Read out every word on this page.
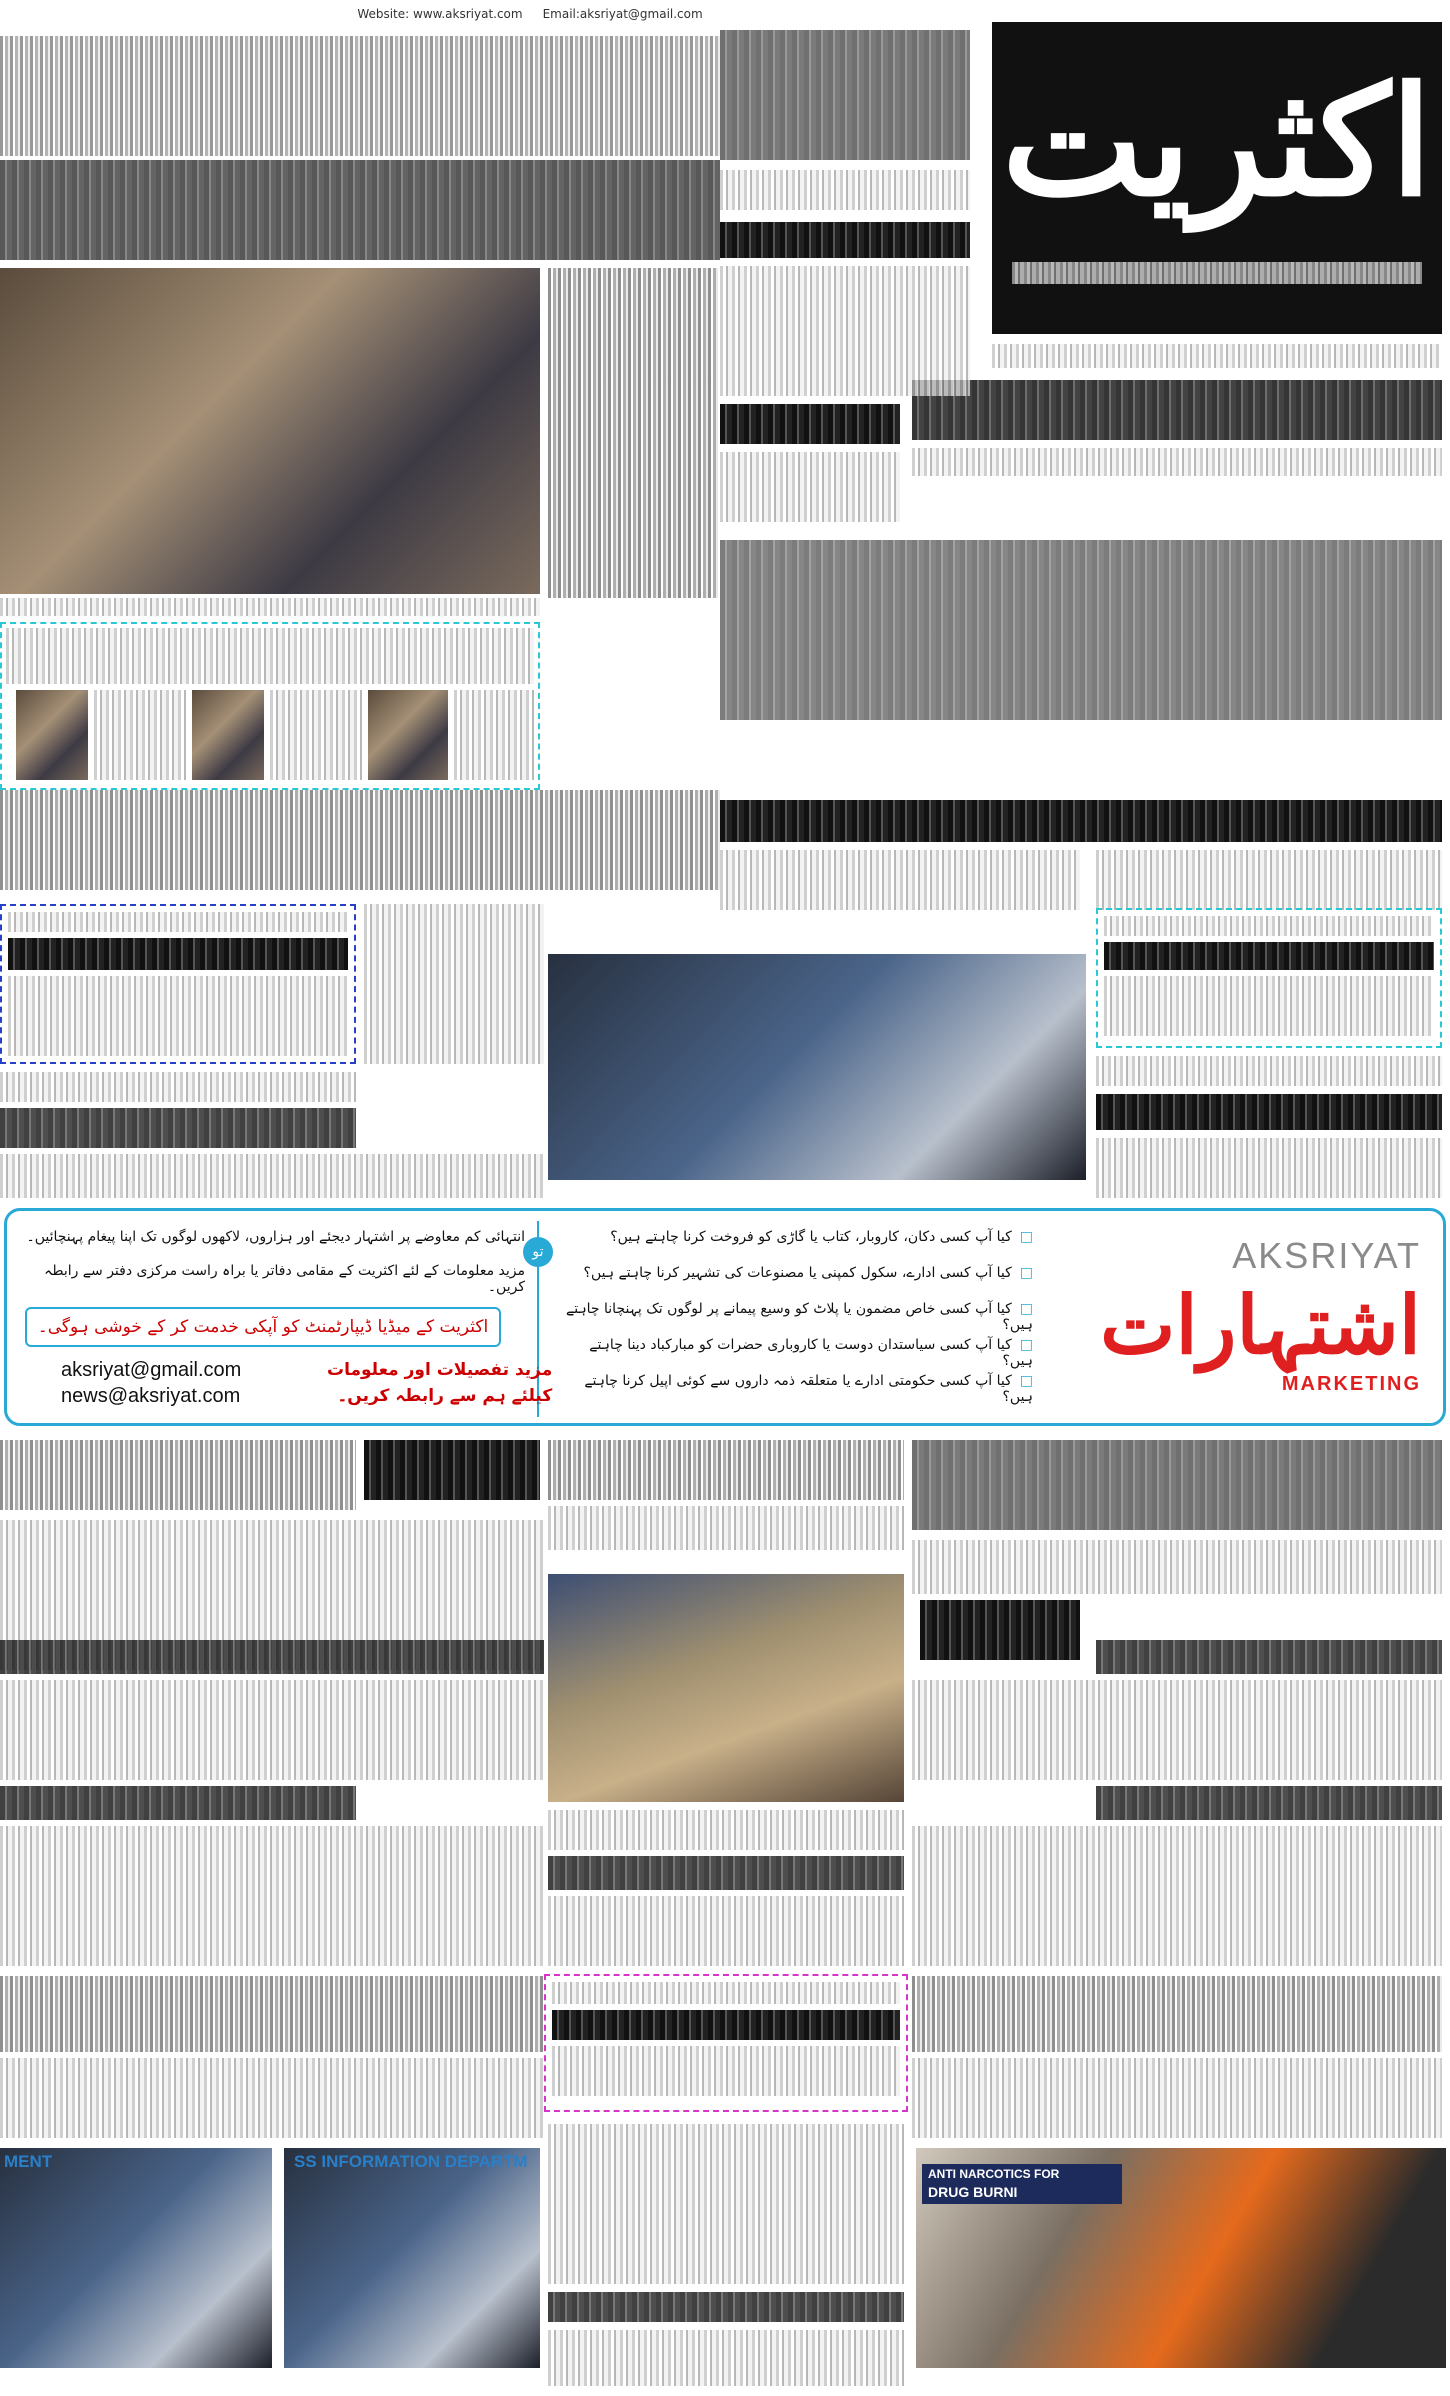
Website: www.aksriyat.com Email:aksriyat@gmail.com
اکثریت
AKSRIYAT
اشتہارات
MARKETING
□ کیا آپ کسی دکان، کاروبار، کتاب یا گاڑی کو فروخت کرنا چاہتے ہیں؟
□ کیا آپ کسی ادارے، سکول کمپنی یا مصنوعات کی تشہیر کرنا چاہتے ہیں؟
□ کیا آپ کسی خاص مضمون یا پلاٹ کو وسیع پیمانے پر لوگوں تک پہنچانا چاہتے ہیں؟
□ کیا آپ کسی سیاستدان دوست یا کاروباری حضرات کو مبارکباد دینا چاہتے ہیں؟
□ کیا آپ کسی حکومتی ادارے یا متعلقہ ذمہ داروں سے کوئی اپیل کرنا چاہتے ہیں؟
تو
انتہائی کم معاوضے پر اشتہار دیجئے اور ہزاروں، لاکھوں لوگوں تک اپنا پیغام پہنچائیں۔
مزید معلومات کے لئے اکثریت کے مقامی دفاتر یا براہ راست مرکزی دفتر سے رابطہ کریں۔
اکثریت کے میڈیا ڈیپارٹمنٹ کو آپکی خدمت کر کے خوشی ہوگی۔
aksriyat@gmail.com
news@aksriyat.com
مزید تفصیلات اور معلومات
کیلئے ہم سے رابطہ کریں۔
MENT	SS INFORMATION DEPARTM
ANTI NARCOTICS FOR
DRUG BURNI
